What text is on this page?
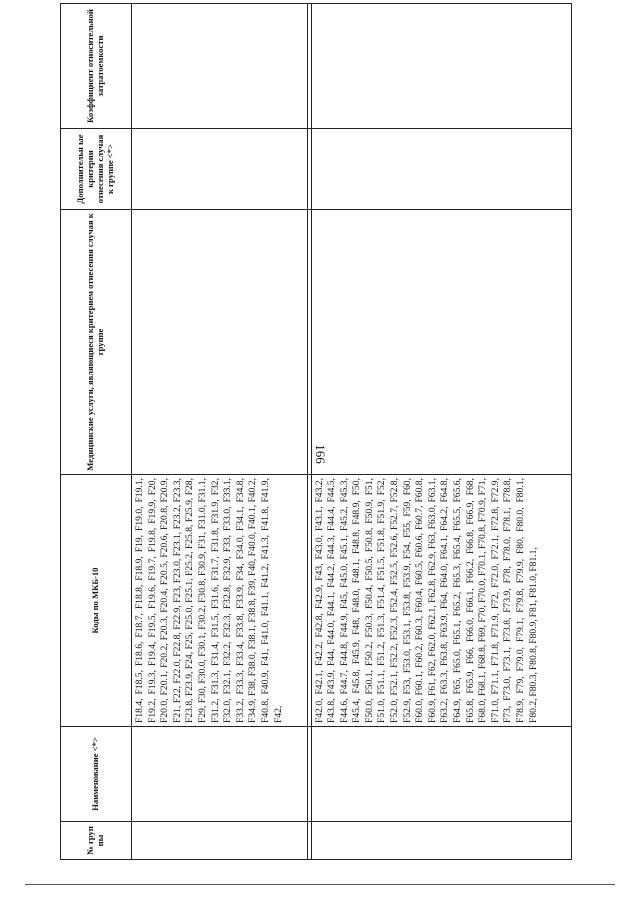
166
№ груп пы	Наименование <*>	Коды по МКБ-10	Медицинские услуги, являющиеся критерием отнесения случая к группе	Дополнительн ые критерии отнесения случая к группе <*>	Коэффициент относительной затратоемкости
		F18.4, F18.5, F18.6, F18.7, F18.8, F18.9, F19, F19.0, F19.1, F19.2, F19.3, F19.4, F19.5, F19.6, F19.7, F19.8, F19.9, F20, F20.0, F20.1, F20.2, F20.3, F20.4, F20.5, F20.6, F20.8, F20.9, F21, F22, F22.0, F22.8, F22.9, F23, F23.0, F23.1, F23.2, F23.3, F23.8, F23.9, F24, F25, F25.0, F25.1, F25.2, F25.8, F25.9, F28, F29, F30, F30.0, F30.1, F30.2, F30.8, F30.9, F31, F31.0, F31.1, F31.2, F31.3, F31.4, F31.5, F31.6, F31.7, F31.8, F31.9, F32, F32.0, F32.1, F32.2, F32.3, F32.8, F32.9, F33, F33.0, F33.1, F33.2, F33.3, F33.4, F33.8, F33.9, F34, F34.0, F34.1, F34.8, F34.9, F38, F38.0, F38.1, F38.8, F39, F40, F40.0, F40.1, F40.2, F40.8, F40.9, F41, F41.0, F41.1, F41.2, F41.3, F41.8, F41.9, F42,			

		F42.0, F42.1, F42.2, F42.8, F42.9, F43, F43.0, F43.1, F43.2, F43.8, F43.9, F44, F44.0, F44.1, F44.2, F44.3, F44.4, F44.5, F44.6, F44.7, F44.8, F44.9, F45, F45.0, F45.1, F45.2, F45.3, F45.4, F45.8, F45.9, F48, F48.0, F48.1, F48.8, F48.9, F50, F50.0, F50.1, F50.2, F50.3, F50.4, F50.5, F50.8, F50.9, F51, F51.0, F51.1, F51.2, F51.3, F51.4, F51.5, F51.8, F51.9, F52, F52.0, F52.1, F52.2, F52.3, F52.4, F52.5, F52.6, F52.7, F52.8, F52.9, F53, F53.0, F53.1, F53.8, F53.9, F54, F55, F59, F60, F60.0, F60.1, F60.2, F60.3, F60.4, F60.5, F60.6, F60.7, F60.8, F60.9, F61, F62, F62.0, F62.1, F62.8, F62.9, F63, F63.0, F63.1, F63.2, F63.3, F63.8, F63.9, F64, F64.0, F64.1, F64.2, F64.8, F64.9, F65, F65.0, F65.1, F65.2, F65.3, F65.4, F65.5, F65.6, F65.8, F65.9, F66, F66.0, F66.1, F66.2, F66.8, F66.9, F68, F68.0, F68.1, F68.8, F69, F70, F70.0, F70.1, F70.8, F70.9, F71, F71.0, F71.1, F71.8, F71.9, F72, F72.0, F72.1, F72.8, F72.9, F73, F73.0, F73.1, F73.8, F73.9, F78, F78.0, F78.1, F78.8, F78.9, F79, F79.0, F79.1, F79.8, F79.9, F80, F80.0, F80.1, F80.2, F80.3, F80.8, F80.9, F81, F81.0, F81.1,			
